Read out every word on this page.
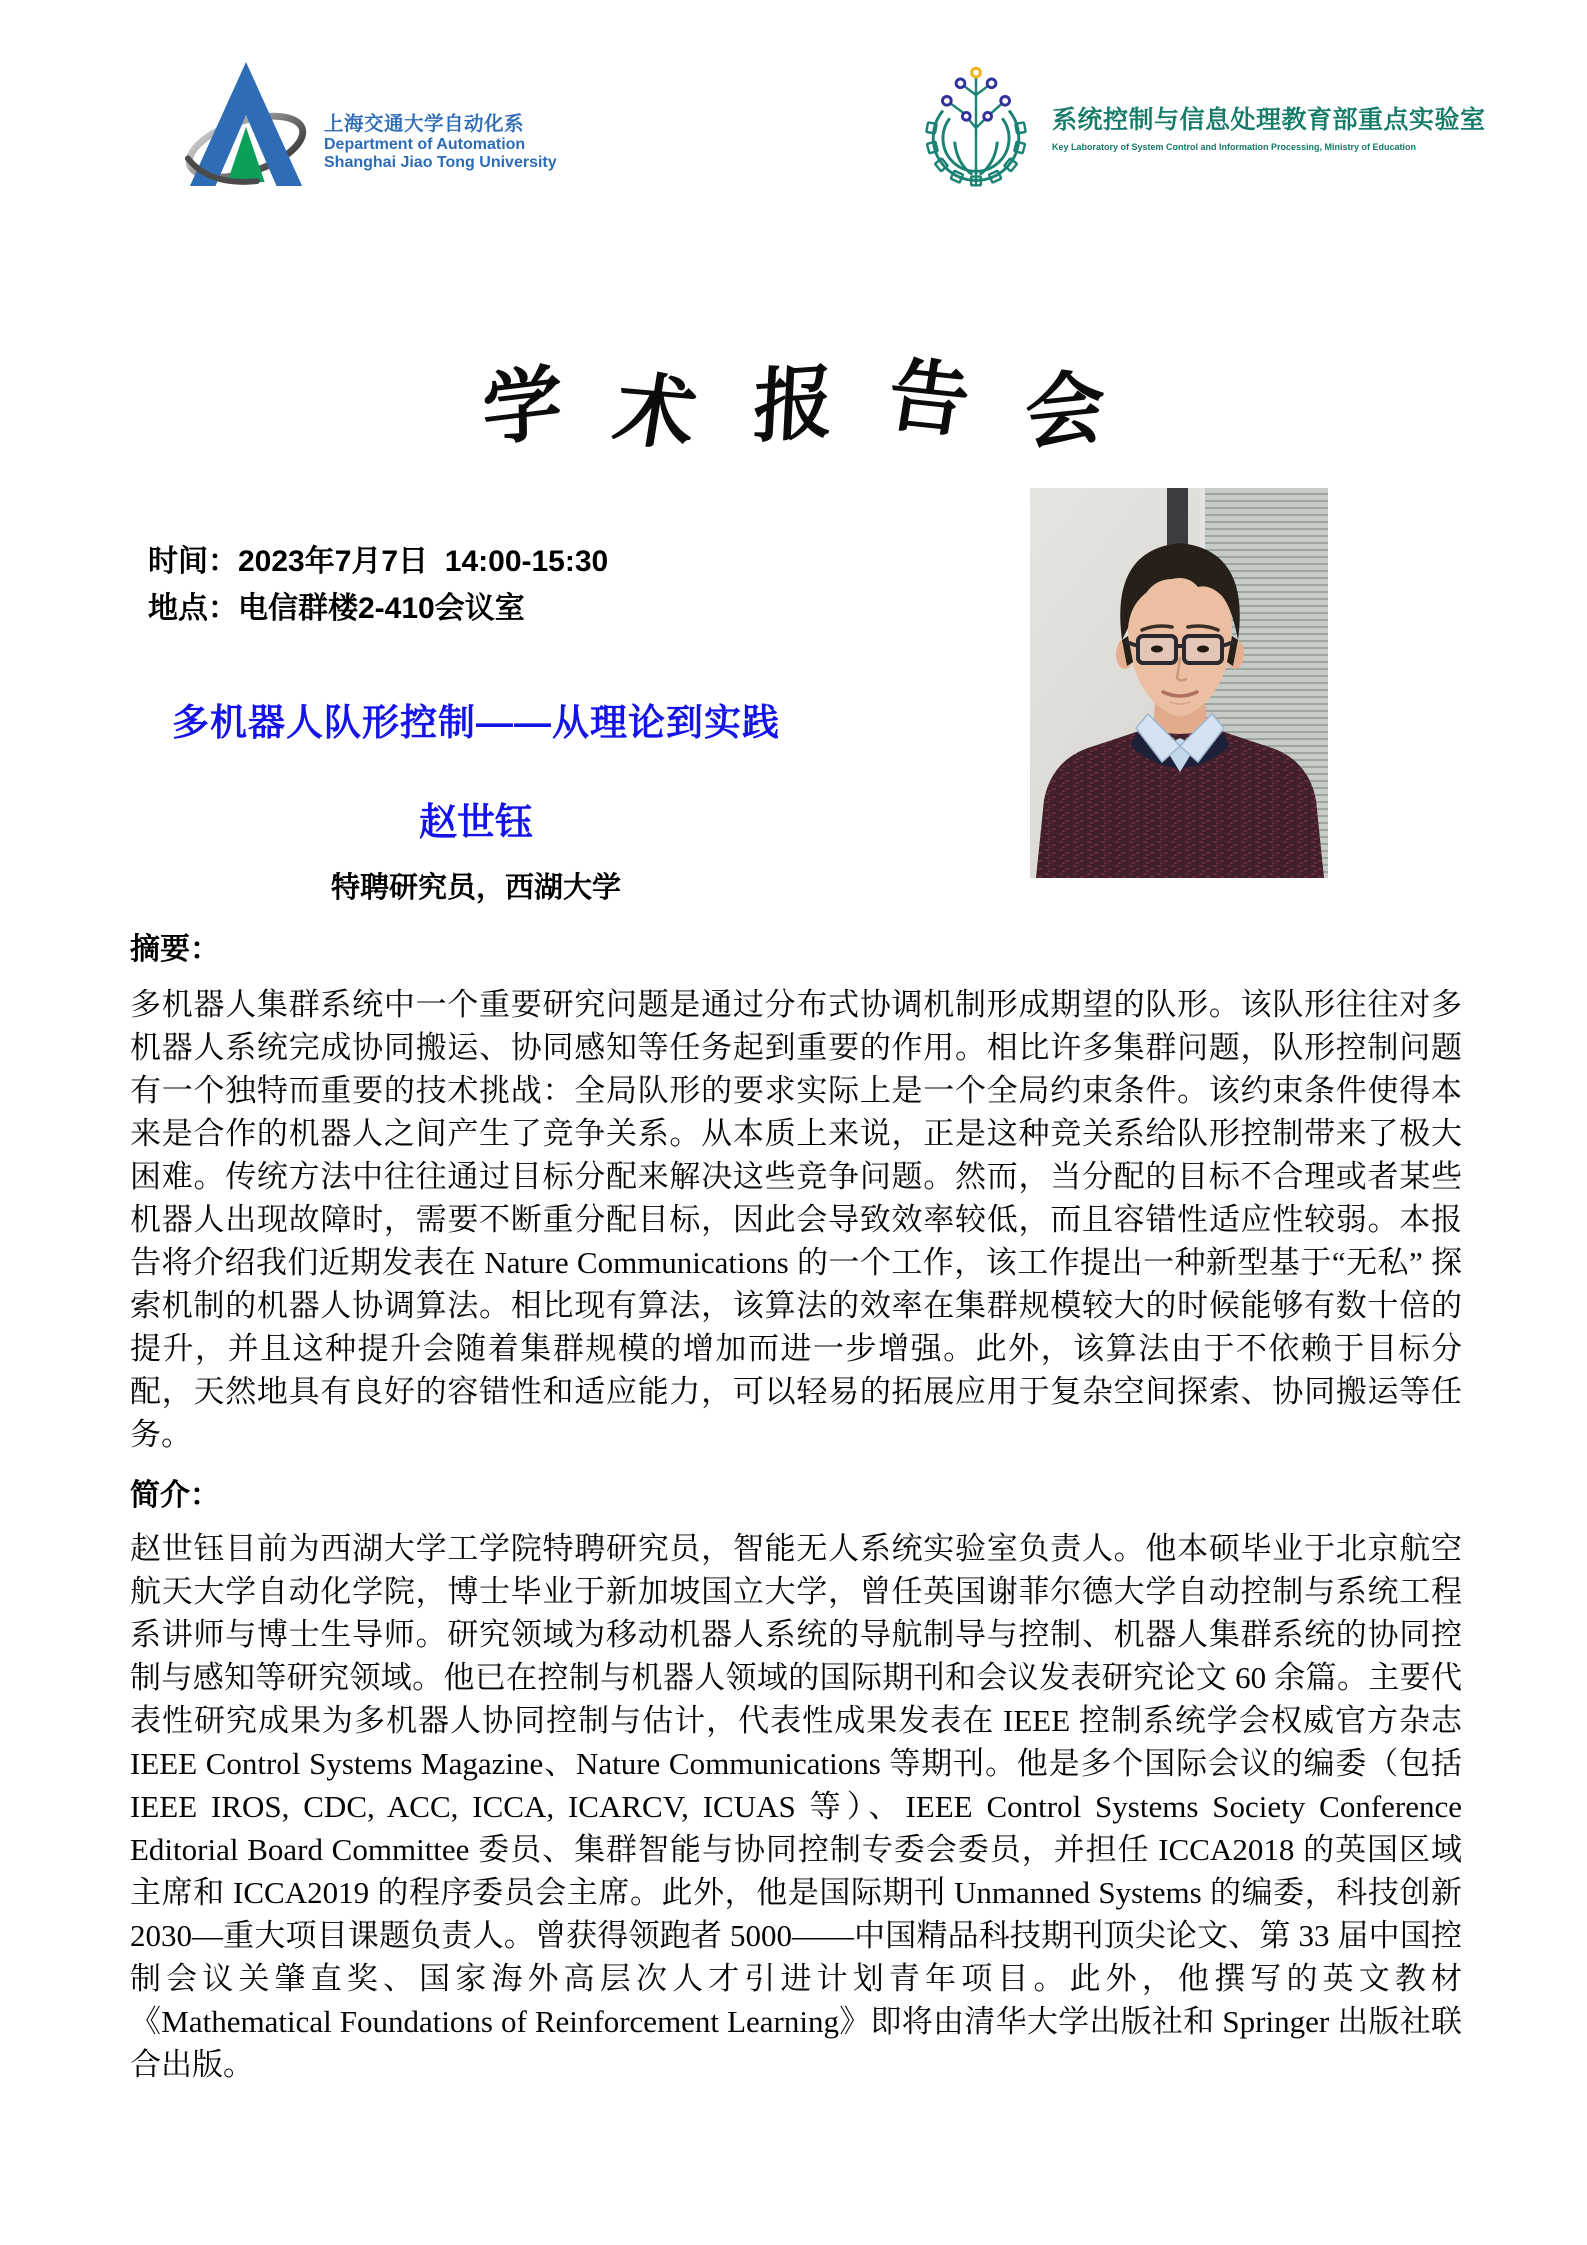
上海交通大学自动化系
Department of Automation
Shanghai Jiao Tong University
系统控制与信息处理教育部重点实验室
Key Laboratory of System Control and Information Processing, Ministry of Education
学 术 报 告 会
时间：2023年7月7日  14:00-15:30
地点：电信群楼2-410会议室
多机器人队形控制——从理论到实践
赵世钰
特聘研究员，西湖大学
摘要：
多机器人集群系统中一个重要研究问题是通过分布式协调机制形成期望的队形。该队形往往对多机器人系统完成协同搬运、协同感知等任务起到重要的作用。相比许多集群问题，队形控制问题有一个独特而重要的技术挑战：全局队形的要求实际上是一个全局约束条件。该约束条件使得本来是合作的机器人之间产生了竞争关系。从本质上来说，正是这种竞关系给队形控制带来了极大困难。传统方法中往往通过目标分配来解决这些竞争问题。然而，当分配的目标不合理或者某些机器人出现故障时，需要不断重分配目标，因此会导致效率较低，而且容错性适应性较弱。本报告将介绍我们近期发表在 Nature Communications 的一个工作，该工作提出一种新型基于“无私” 探索机制的机器人协调算法。相比现有算法，该算法的效率在集群规模较大的时候能够有数十倍的提升，并且这种提升会随着集群规模的增加而进一步增强。此外，该算法由于不依赖于目标分配，天然地具有良好的容错性和适应能力，可以轻易的拓展应用于复杂空间探索、协同搬运等任务。
简介：
赵世钰目前为西湖大学工学院特聘研究员，智能无人系统实验室负责人。他本硕毕业于北京航空航天大学自动化学院，博士毕业于新加坡国立大学，曾任英国谢菲尔德大学自动控制与系统工程系讲师与博士生导师。研究领域为移动机器人系统的导航制导与控制、机器人集群系统的协同控制与感知等研究领域。他已在控制与机器人领域的国际期刊和会议发表研究论文 60 余篇。主要代表性研究成果为多机器人协同控制与估计，代表性成果发表在 IEEE 控制系统学会权威官方杂志 IEEE Control Systems Magazine、Nature Communications 等期刊。他是多个国际会议的编委（包括 IEEE IROS, CDC, ACC, ICCA, ICARCV, ICUAS 等）、IEEE Control Systems Society Conference Editorial Board Committee 委员、集群智能与协同控制专委会委员，并担任 ICCA2018 的英国区域主席和 ICCA2019 的程序委员会主席。此外，他是国际期刊 Unmanned Systems 的编委，科技创新 2030—重大项目课题负责人。曾获得领跑者 5000——中国精品科技期刊顶尖论文、第 33 届中国控制会议关肇直奖、国家海外高层次人才引进计划青年项目。此外，他撰写的英文教材《Mathematical Foundations of Reinforcement Learning》即将由清华大学出版社和 Springer 出版社联合出版。
